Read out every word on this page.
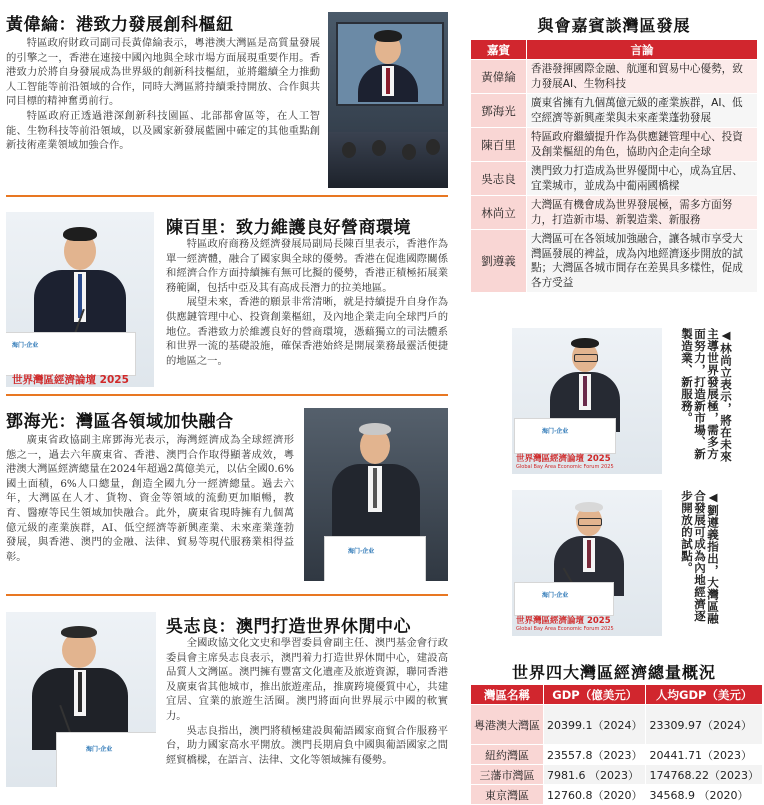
黃偉綸：港致力發展創科樞紐

特區政府財政司副司長黃偉綸表示，粵港澳大灣區是高質量發展的引擎之一，香港在連接中國內地與全球市場方面展現重要作用。香港致力於將自身發展成為世界級的創新科技樞紐，並將繼續全力推動人工智能等前沿領域的合作，同時大灣區將持續秉持開放、合作與共同目標的精神奮勇前行。

特區政府正透過港深創新科技園區、北部都會區等，在人工智能、生物科技等前沿領域，以及國家新發展藍圖中確定的其他重點創新技術產業領域加強合作。

海门·企业
世界灣區經濟論壇 2025
陳百里：致力維護良好營商環境

特區政府商務及經濟發展局副局長陳百里表示，香港作為單一經濟體，融合了國家與全球的優勢。香港在促進國際關係和經濟合作方面持續擁有無可比擬的優勢，香港正積極拓展業務範圍，包括中亞及其有高成長潛力的拉美地區。

展望未來，香港的願景非常清晰，就是持續提升自身作為供應鏈管理中心、投資創業樞紐，及內地企業走向全球門戶的地位。香港致力於維護良好的營商環境，憑藉獨立的司法體系和世界一流的基礎設施，確保香港始終是開展業務最靈活便捷的地區之一。

鄧海光：灣區各領域加快融合

廣東省政協副主席鄧海光表示，海灣經濟成為全球經濟形態之一，過去六年廣東省、香港、澳門合作取得顯著成效，粵港澳大灣區經濟總量在2024年超過2萬億美元，以佔全國0.6%國土面積，6%人口總量，創造全國九分一經濟總量。過去六年，大灣區在人才、貨物、資金等領域的流動更加順暢，教育、醫療等民生領域加快融合。此外，廣東省現時擁有九個萬億元級的產業族群，AI、低空經濟等新興產業、未來產業蓬勃發展，與香港、澳門的金融、法律、貿易等現代服務業相得益彰。	海门·企业
海门·企业
吳志良：澳門打造世界休閒中心

全國政協文化文史和學習委員會副主任、澳門基金會行政委員會主席吳志良表示，澳門着力打造世界休閒中心，建設高品質人文灣區。澳門擁有豐富文化遺產及旅遊資源，聯同香港及廣東省其他城市，推出旅遊產品，推廣跨境優質中心，共建宜居、宜業的旅遊生活圈。澳門將面向世界展示中國的軟實力。

吳志良指出，澳門將積極建設與葡語國家商貿合作服務平台，助力國家高水平開放。澳門長期肩負中國與葡語國家之間經貿橋樑，在語言、法律、文化等領域擁有優勢。

與會嘉賓談灣區發展
嘉賓	言論
黃偉綸	香港發揮國際金融、航運和貿易中心優勢，致力發展AI、生物科技
鄧海光	廣東省擁有九個萬億元級的產業族群，AI、低空經濟等新興產業與未來產業蓬勃發展
陳百里	特區政府繼續提升作為供應鏈管理中心、投資及創業樞紐的角色，協助內企走向全球
吳志良	澳門致力打造成為世界優閒中心，成為宜居、宜業城市，並成為中葡兩國橋樑
林尚立	大灣區有機會成為世界發展極，需多方面努力，打造新市場、新製造業、新服務
劉遵義	大灣區可在各領域加強融合，讓各城市享受大灣區發展的裨益，成為內地經濟逐步開放的試點；大灣區各城市間存在差異具多樣性，促成各方受益
海门·企业
世界灣區經濟論壇 2025
Global Bay Area Economic Forum 2025
◀林尚立表示，將在未來主導世界發展極，需多方面努力，打造新市場、新製造業、新服務。
海门·企业
世界灣區經濟論壇 2025
Global Bay Area Economic Forum 2025
◀劉遵義指出，大灣區融合發展可成為內地經濟逐步開放的試點。
世界四大灣區經濟總量概況
灣區名稱	GDP（億美元）	人均GDP（美元）
粵港澳大灣區	20399.1（2024）	23309.97（2024）
紐約灣區	23557.8（2023）	20441.71（2023）
三藩市灣區	7981.6 （2023）	174768.22（2023）
東京灣區	12760.8（2020）	34568.9 （2020）
